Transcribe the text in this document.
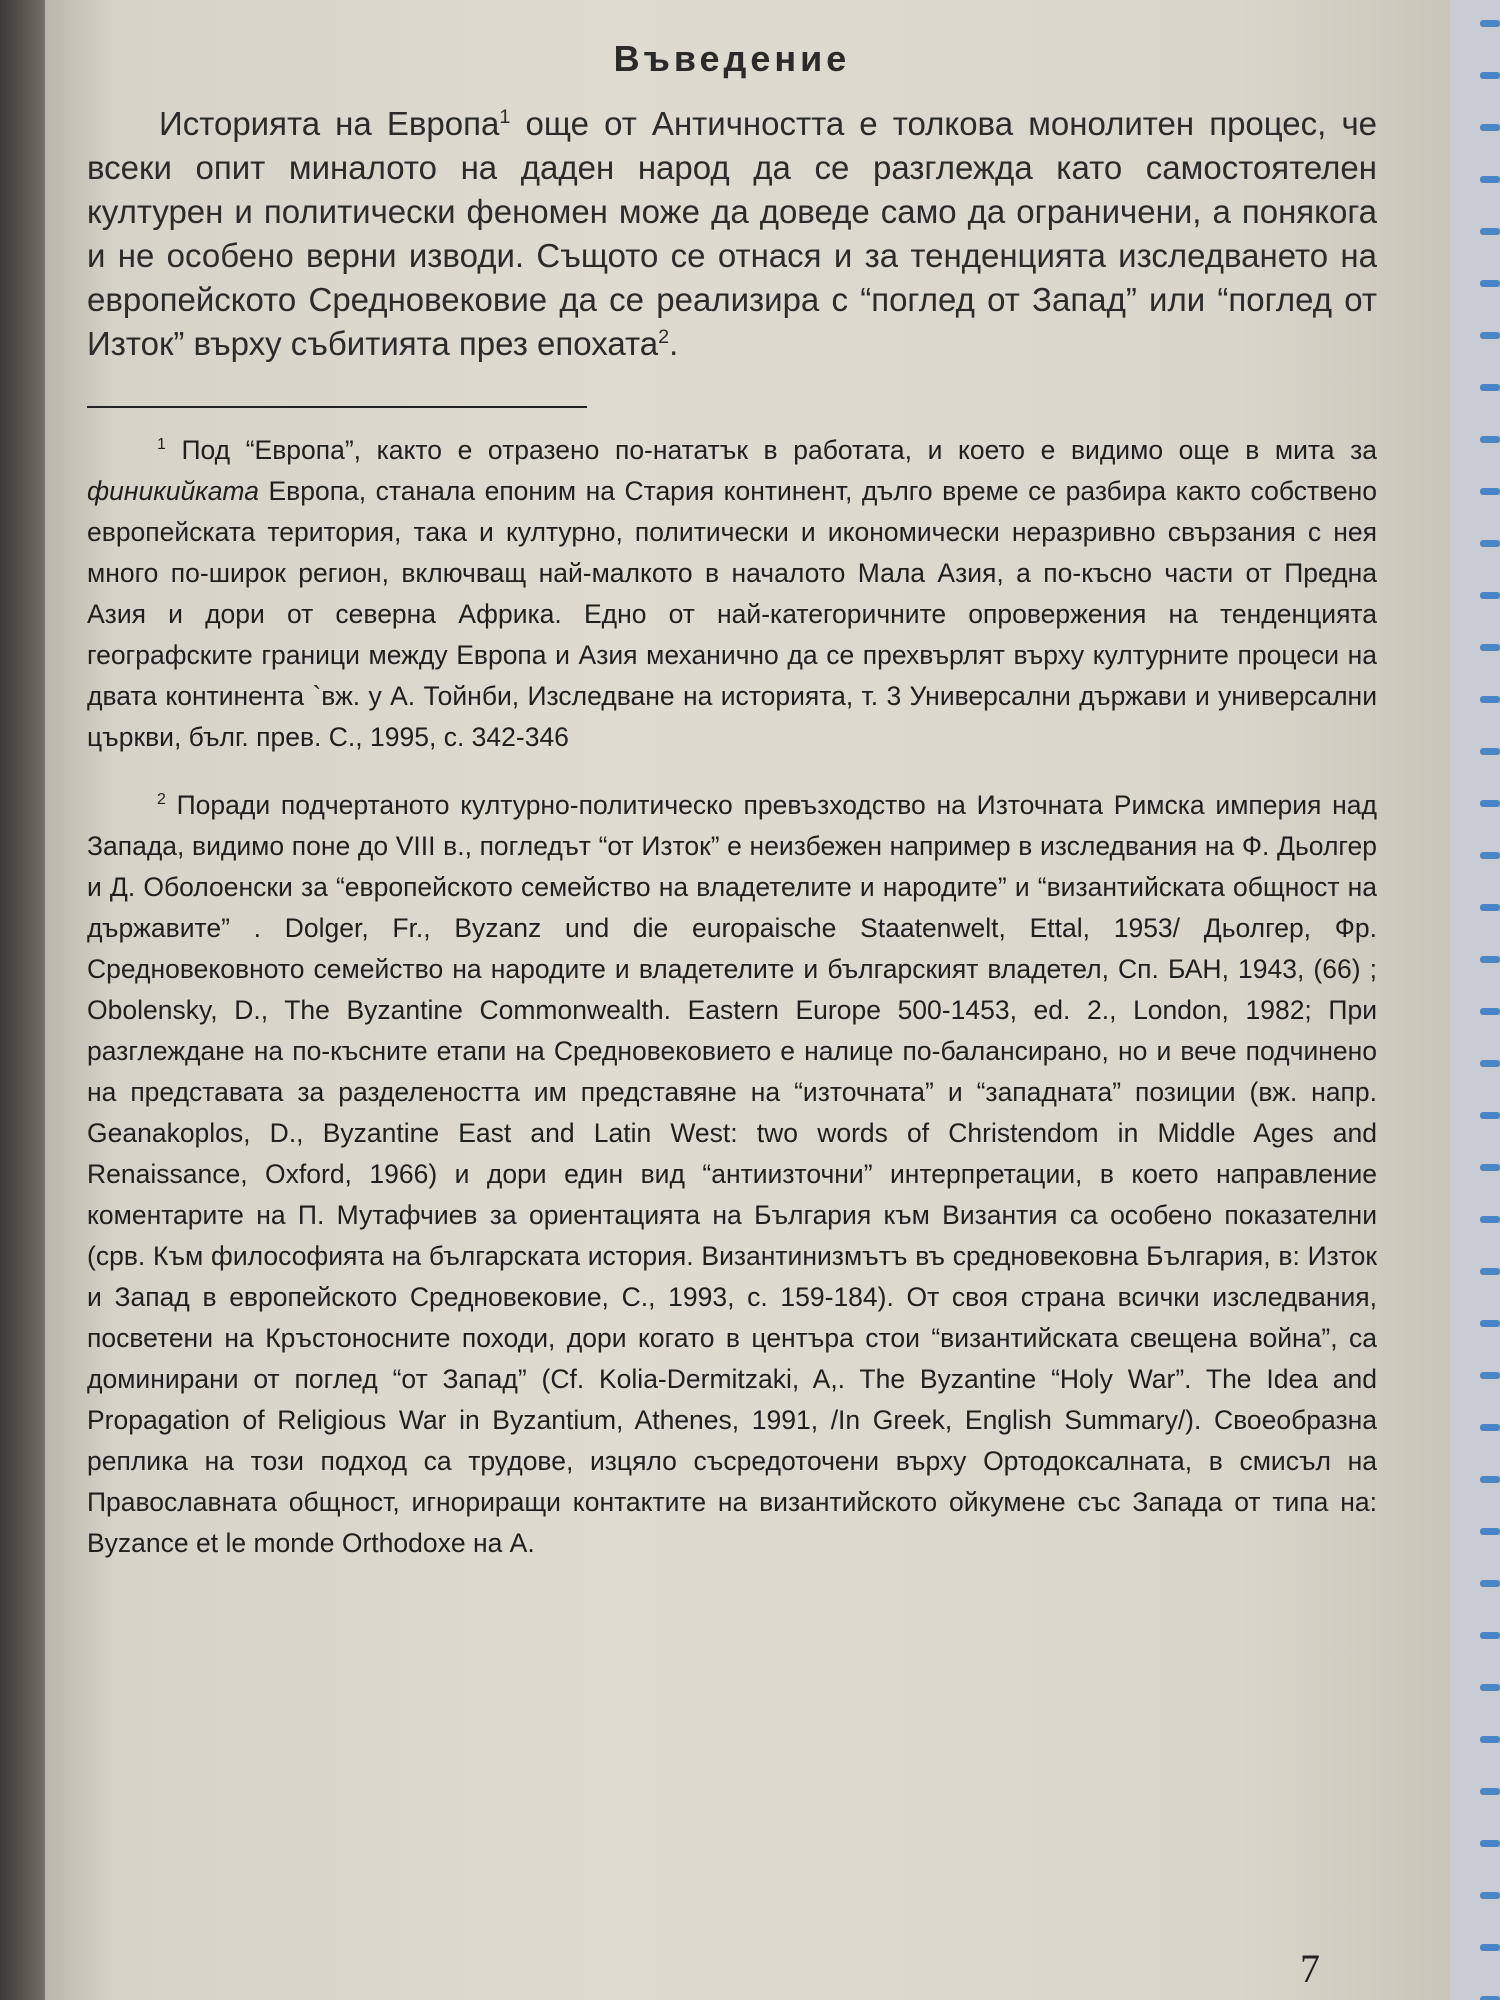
Въведение

Историята на Европа$^1$ още от Античността е толкова монолитен процес, че всеки опит миналото на даден народ да се разглежда като самостоятелен културен и политически феномен може да доведе само да ограничени, а понякога и не особено верни изводи. Същото се отнася и за тенденцията изследването на европейското Средновековие да се реализира с “поглед от Запад” или “поглед от Изток” върху събитията през епохата$^2$.

$^1$ Под “Европа”, както е отразено по-нататък в работата, и което е видимо още в мита за финикийката Европа, станала епоним на Стария континент, дълго време се разбира както собствено европейската територия, така и културно, политически и икономически неразривно свързания с нея много по-широк регион, включващ най-малкото в началото Мала Азия, а по-късно части от Предна Азия и дори от северна Африка. Едно от най-категоричните опровержения на тенденцията географските граници между Европа и Азия механично да се прехвърлят върху културните процеси на двата континента `вж. у А. Тойнби, Изследване на историята, т. 3 Универсални държави и универсални църкви, бълг. прев. С., 1995, с. 342-346

$^2$ Поради подчертаното културно-политическо превъзходство на Източната Римска империя над Запада, видимо поне до VIII в., погледът “от Изток” е неизбежен например в изследвания на Ф. Дьолгер и Д. Оболоенски за “европейското семейство на владетелите и народите” и “византийската общност на държавите” . Dolger, Fr., Byzanz und die europaische Staatenwelt, Ettal, 1953/ Дьолгер, Фр. Средновековното семейство на народите и владетелите и българският владетел, Сп. БАН, 1943, (66) ; Obolensky, D., The Byzantine Commonwealth. Eastern Europe 500-1453, ed. 2., London, 1982; При разглеждане на по-късните етапи на Средновековието е налице по-балансирано, но и вече подчинено на представата за разделеността им представяне на “източната” и “западната” позиции (вж. напр. Geanakoplos, D., Byzantine East and Latin West: two words of Christendom in Middle Ages and Renaissance, Oxford, 1966) и дори един вид “антиизточни” интерпретации, в което направление коментарите на П. Мутафчиев за ориентацията на България към Византия са особено показателни (срв. Към философията на българската история. Византинизмътъ въ средновековна България, в: Изток и Запад в европейското Средновековие, С., 1993, с. 159-184). От своя страна всички изследвания, посветени на Кръстоносните походи, дори когато в центъра стои “византийската свещена война”, са доминирани от поглед “от Запад” (Cf. Kolia-Dermitzaki, A,. The Byzantine “Holy War”. The Idea and Propagation of Religious War in Byzantium, Athenes, 1991, /In Greek, English Summary/). Своеобразна реплика на този подход са трудове, изцяло съсредоточени върху Ортодоксалната, в смисъл на Православната общност, игнориращи контактите на византийското ойкумене със Запада от типа на: Byzance et le monde Orthodoxe на А.

7
